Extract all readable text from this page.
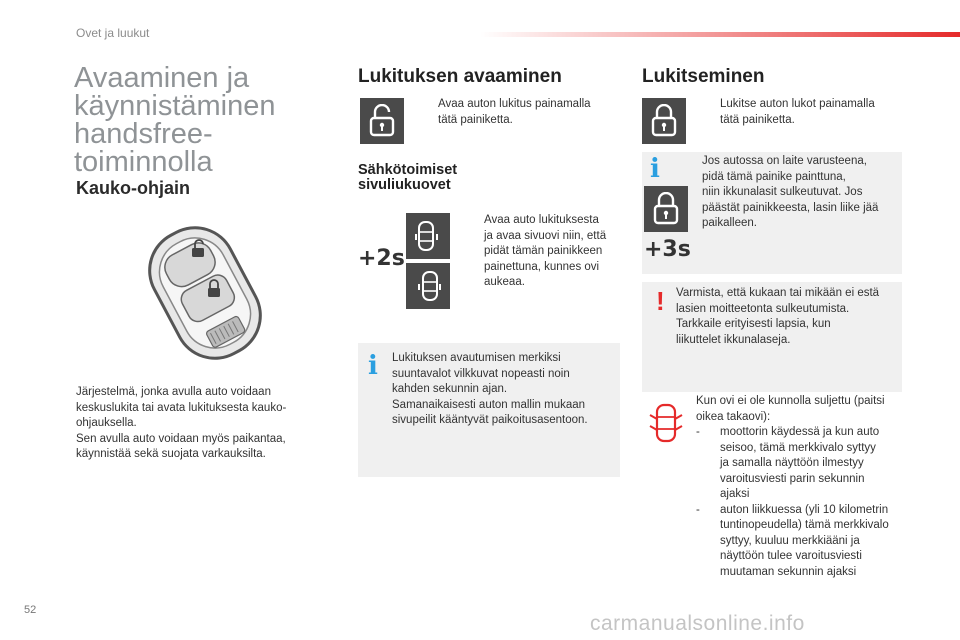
Ovet ja luukut
Avaaminen ja
käynnistäminen
handsfree-
toiminnolla
Kauko-ohjain
Järjestelmä, jonka avulla auto voidaan
keskuslukita tai avata lukituksesta kauko-
ohjauksella.
Sen avulla auto voidaan myös paikantaa,
käynnistää sekä suojata varkauksilta.
Lukituksen avaaminen
Avaa auton lukitus painamalla
tätä painiketta.
Sähkötoimiset
sivuliukuovet
+2s
Avaa auto lukituksesta
ja avaa sivuovi niin, että
pidät tämän painikkeen
painettuna, kunnes ovi
aukeaa.
i Lukituksen avautumisen merkiksi
suuntavalot vilkkuvat nopeasti noin
kahden sekunnin ajan.
Samanaikaisesti auton mallin mukaan
sivupeilit kääntyvät paikoitusasentoon.
Lukitseminen
Lukitse auton lukot painamalla
tätä painiketta.
i	Jos autossa on laite varusteena,
pidä tämä painike painttuna,
niin ikkunalasit sulkeutuvat. Jos
päästät painikkeesta, lasin liike jää
paikalleen.
+3s
! Varmista, että kukaan tai mikään ei estä
lasien moitteetonta sulkeutumista.
Tarkkaile erityisesti lapsia, kun
liikuttelet ikkunalaseja.
Kun ovi ei ole kunnolla suljettu (paitsi
oikea takaovi):
-	moottorin käydessä ja kun auto
seisoo, tämä merkkivalo syttyy
ja samalla näyttöön ilmestyy
varoitusviesti parin sekunnin
ajaksi
-	auton liikkuessa (yli 10 kilometrin
tuntinopeudella) tämä merkkivalo
syttyy, kuuluu merkkiääni ja
näyttöön tulee varoitusviesti
muutaman sekunnin ajaksi
52
carmanualsonline.info
